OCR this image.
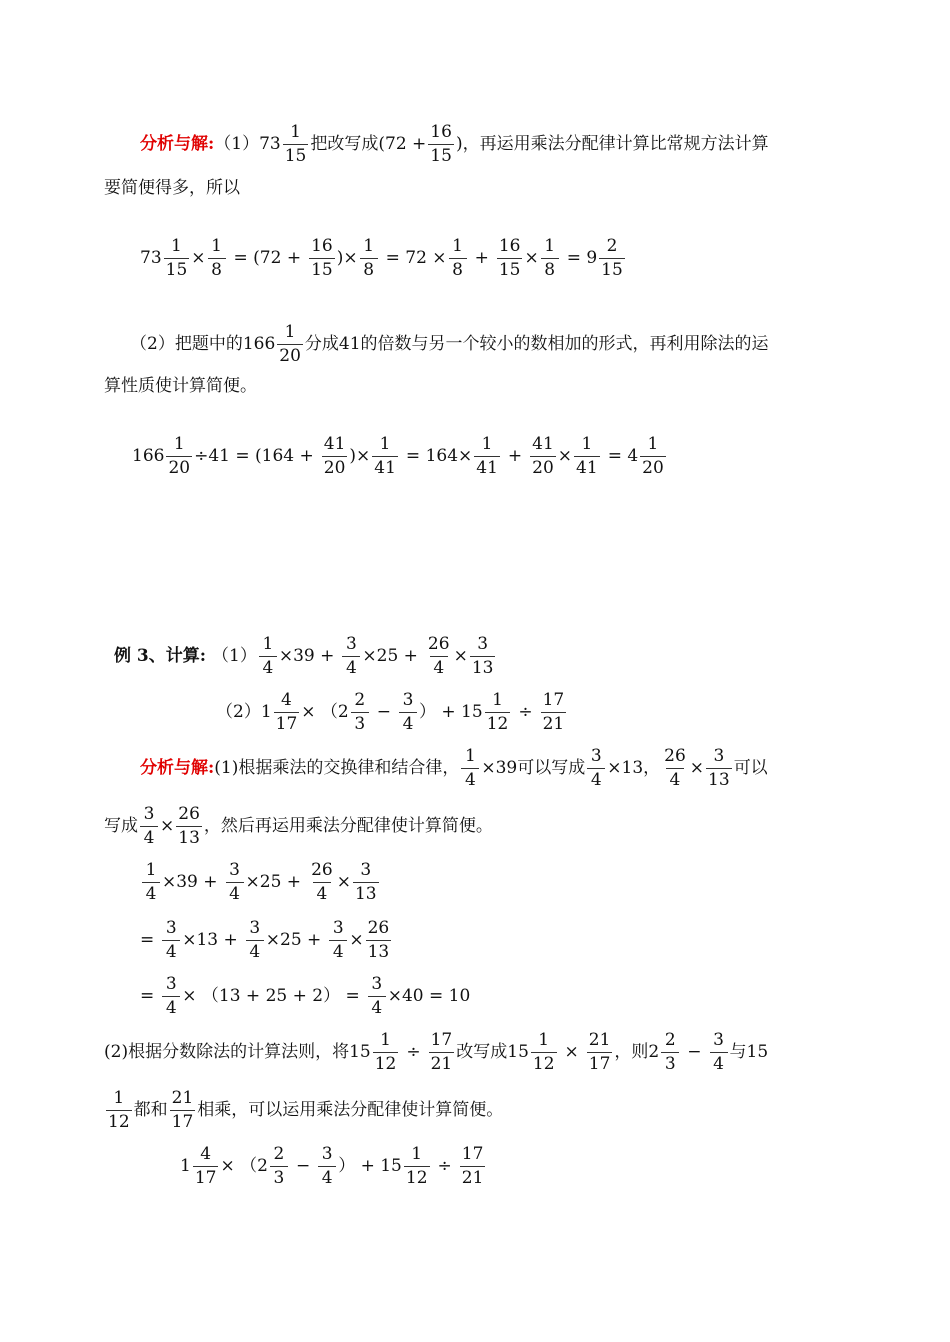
分析与解: $(1)73 \frac{1}{15}$ 把改写成($72 + \frac{16}{15}$ )，再运用乘法分配律计算比常规方法计算
要简便得多，所以
$73 \frac{1}{15} \times \frac{1}{8} = (72 + \frac{16}{15}$ )× $\frac{1}{8} = 72 \times \frac{1}{8} + \frac{16}{15} \times \frac{1}{8} = 9 \frac{2}{15}$
（2）把题中的$166 \frac{1}{20}$ 分成41的倍数与另一个较小的数相加的形式，再利用除法的运
算性质使计算简便。
$166 \frac{1}{20} \div 41 = (164 + \frac{41}{20}$ )× $\frac{1}{41} = 164\times \frac{1}{41} + \frac{41}{20} \times \frac{1}{41} = 4 \frac{1}{20}$
例 3、计算: $(1) \frac{1}{4} \times 39 + \frac{3}{4} \times 25 + \frac{26}{4} \times \frac{3}{13}$
$(2)1 \frac{4}{17} \times (2 \frac{2}{3} - \frac{3}{4}$ ） + $15 \frac{1}{12} \div \frac{17}{21}$
分析与解: (1)根据乘法的交换律和结合律， $\frac{1}{4} \times 39$可以写成 $\frac{3}{4} \times 13$， $\frac{26}{4} \times \frac{3}{13}$ 可以
写成 $\frac{3}{4} \times \frac{26}{13}$ ，然后再运用乘法分配律使计算简便。
$\frac{1}{4} \times 39 + \frac{3}{4} \times 25 + \frac{26}{4} \times \frac{3}{13}$
= $\frac{3}{4} \times 13 + \frac{3}{4} \times 25 + \frac{3}{4} \times \frac{26}{13}$
= $\frac{3}{4} \times (13 + 25 + 2) = \frac{3}{4} \times 40 = 10$
(2)根据分数除法的计算法则，将$15 \frac{1}{12} \div \frac{17}{21}$ 改写成$15 \frac{1}{12} \times \frac{21}{17}$ ，则$2 \frac{2}{3} - \frac{3}{4}$ 与15
$\frac{1}{12}$ 都和 $\frac{21}{17}$ 相乘，可以运用乘法分配律使计算简便。
$1 \frac{4}{17} \times (2 \frac{2}{3} - \frac{3}{4}$ ） + $15 \frac{1}{12} \div \frac{17}{21}$
